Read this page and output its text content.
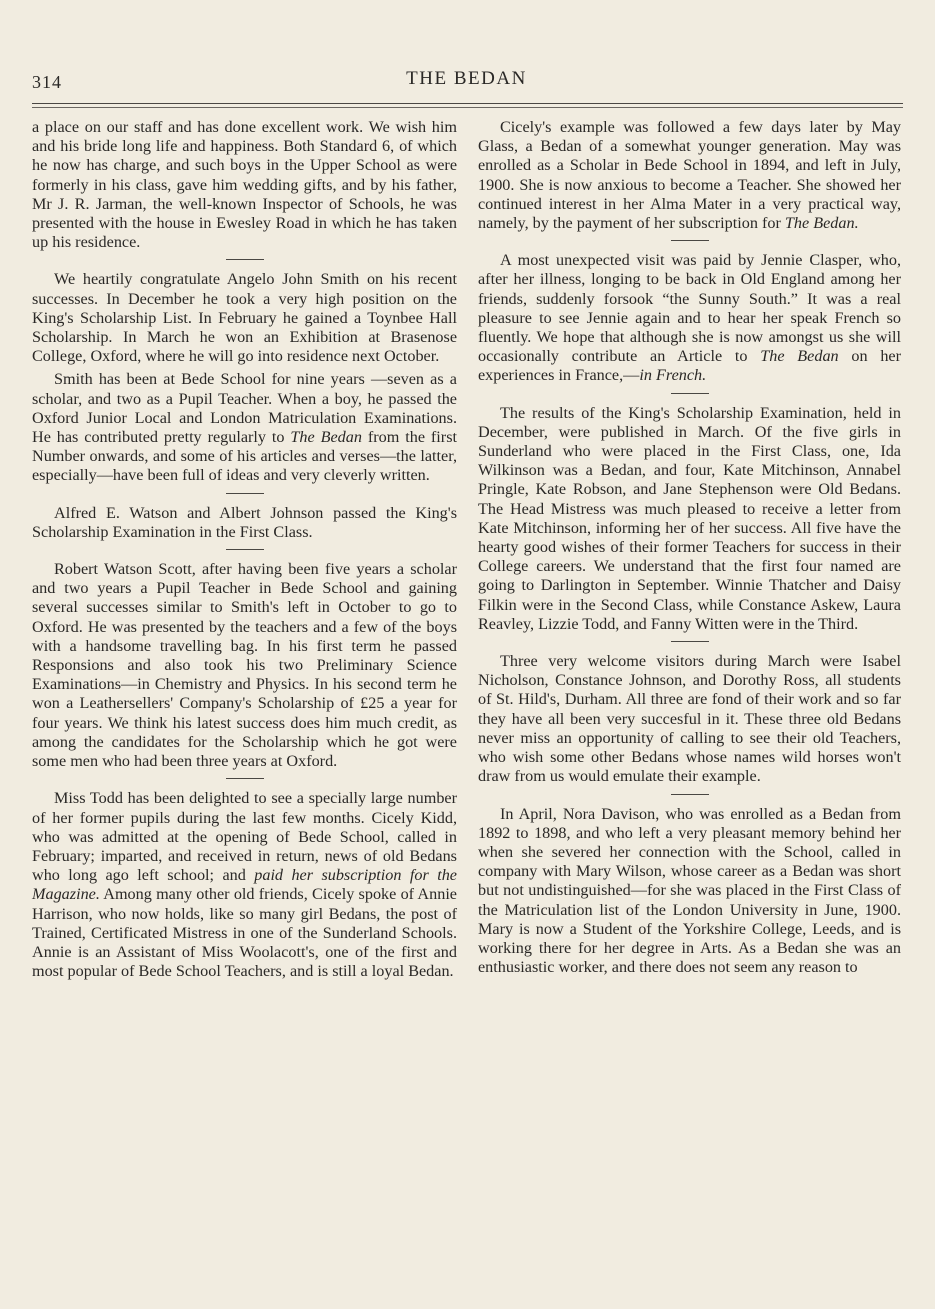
314	THE BEDAN

a place on our staff and has done excellent work. We wish him and his bride long life and happiness. Both Standard 6, of which he now has charge, and such boys in the Upper School as were formerly in his class, gave him wedding gifts, and by his father, Mr J. R. Jarman, the well-known Inspector of Schools, he was presented with the house in Ewesley Road in which he has taken up his residence.

We heartily congratulate Angelo John Smith on his recent successes. In December he took a very high position on the King's Scholarship List. In February he gained a Toynbee Hall Scholarship. In March he won an Exhibition at Brasenose College, Oxford, where he will go into residence next October.

Smith has been at Bede School for nine years —seven as a scholar, and two as a Pupil Teacher. When a boy, he passed the Oxford Junior Local and London Matriculation Examinations. He has contributed pretty regularly to The Bedan from the first Number onwards, and some of his articles and verses—the latter, especially—have been full of ideas and very cleverly written.

Alfred E. Watson and Albert Johnson passed the King's Scholarship Examination in the First Class.

Robert Watson Scott, after having been five years a scholar and two years a Pupil Teacher in Bede School and gaining several successes similar to Smith's left in October to go to Oxford. He was presented by the teachers and a few of the boys with a handsome travelling bag. In his first term he passed Responsions and also took his two Preliminary Science Examinations—in Chemistry and Physics. In his second term he won a Leathersellers' Company's Scholarship of £25 a year for four years. We think his latest success does him much credit, as among the candidates for the Scholarship which he got were some men who had been three years at Oxford.

Miss Todd has been delighted to see a specially large number of her former pupils during the last few months. Cicely Kidd, who was admitted at the opening of Bede School, called in February; imparted, and received in return, news of old Bedans who long ago left school; and paid her subscription for the Magazine. Among many other old friends, Cicely spoke of Annie Harrison, who now holds, like so many girl Bedans, the post of Trained, Certificated Mistress in one of the Sunderland Schools. Annie is an Assistant of Miss Woolacott's, one of the first and most popular of Bede School Teachers, and is still a loyal Bedan.

Cicely's example was followed a few days later by May Glass, a Bedan of a somewhat younger generation. May was enrolled as a Scholar in Bede School in 1894, and left in July, 1900. She is now anxious to become a Teacher. She showed her continued interest in her Alma Mater in a very practical way, namely, by the payment of her subscription for The Bedan.

A most unexpected visit was paid by Jennie Clasper, who, after her illness, longing to be back in Old England among her friends, suddenly forsook “the Sunny South.” It was a real pleasure to see Jennie again and to hear her speak French so fluently. We hope that although she is now amongst us she will occasionally contribute an Article to The Bedan on her experiences in France,—in French.

The results of the King's Scholarship Examination, held in December, were published in March. Of the five girls in Sunderland who were placed in the First Class, one, Ida Wilkinson was a Bedan, and four, Kate Mitchinson, Annabel Pringle, Kate Robson, and Jane Stephenson were Old Bedans. The Head Mistress was much pleased to receive a letter from Kate Mitchinson, informing her of her success. All five have the hearty good wishes of their former Teachers for success in their College careers. We understand that the first four named are going to Darlington in September. Winnie Thatcher and Daisy Filkin were in the Second Class, while Constance Askew, Laura Reavley, Lizzie Todd, and Fanny Witten were in the Third.

Three very welcome visitors during March were Isabel Nicholson, Constance Johnson, and Dorothy Ross, all students of St. Hild's, Durham. All three are fond of their work and so far they have all been very succesful in it. These three old Bedans never miss an opportunity of calling to see their old Teachers, who wish some other Bedans whose names wild horses won't draw from us would emulate their example.

In April, Nora Davison, who was enrolled as a Bedan from 1892 to 1898, and who left a very pleasant memory behind her when she severed her connection with the School, called in company with Mary Wilson, whose career as a Bedan was short but not undistinguished—for she was placed in the First Class of the Matriculation list of the London University in June, 1900. Mary is now a Student of the Yorkshire College, Leeds, and is working there for her degree in Arts. As a Bedan she was an enthusiastic worker, and there does not seem any reason to
